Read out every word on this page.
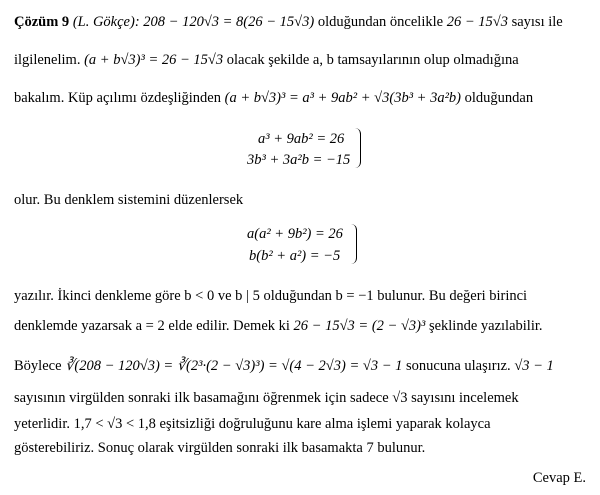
Çözüm 9 (L. Gökçe): 208 − 120√3 = 8(26 − 15√3) olduğundan öncelikle 26 − 15√3 sayısı ile
ilgilenelim. (a + b√3)³ = 26 − 15√3 olacak şekilde a, b tamsayılarının olup olmadığına
bakalım. Küp açılımı özdeşliğinden (a + b√3)³ = a³ + 9ab² + √3(3b³ + 3a²b) olduğundan
a³ + 9ab² = 26
3b³ + 3a²b = −15
olur. Bu denklem sistemini düzenlersek
a(a² + 9b²) = 26
b(b² + a²) = −5
yazılır. İkinci denkleme göre b < 0 ve b | 5 olduğundan b = −1 bulunur. Bu değeri birinci
denklemde yazarsak a = 2 elde edilir. Demek ki 26 − 15√3 = (2 − √3)³ şeklinde yazılabilir.
Böylece ∛(208 − 120√3) = ∛(2³·(2 − √3)³) = √(4 − 2√3) = √3 − 1 sonucuna ulaşırız. √3 − 1
sayısının virgülden sonraki ilk basamağını öğrenmek için sadece √3 sayısını incelemek
yeterlidir. 1,7 < √3 < 1,8 eşitsizliği doğruluğunu kare alma işlemi yaparak kolayca
gösterebiliriz. Sonuç olarak virgülden sonraki ilk basamakta 7 bulunur.
Cevap E.
